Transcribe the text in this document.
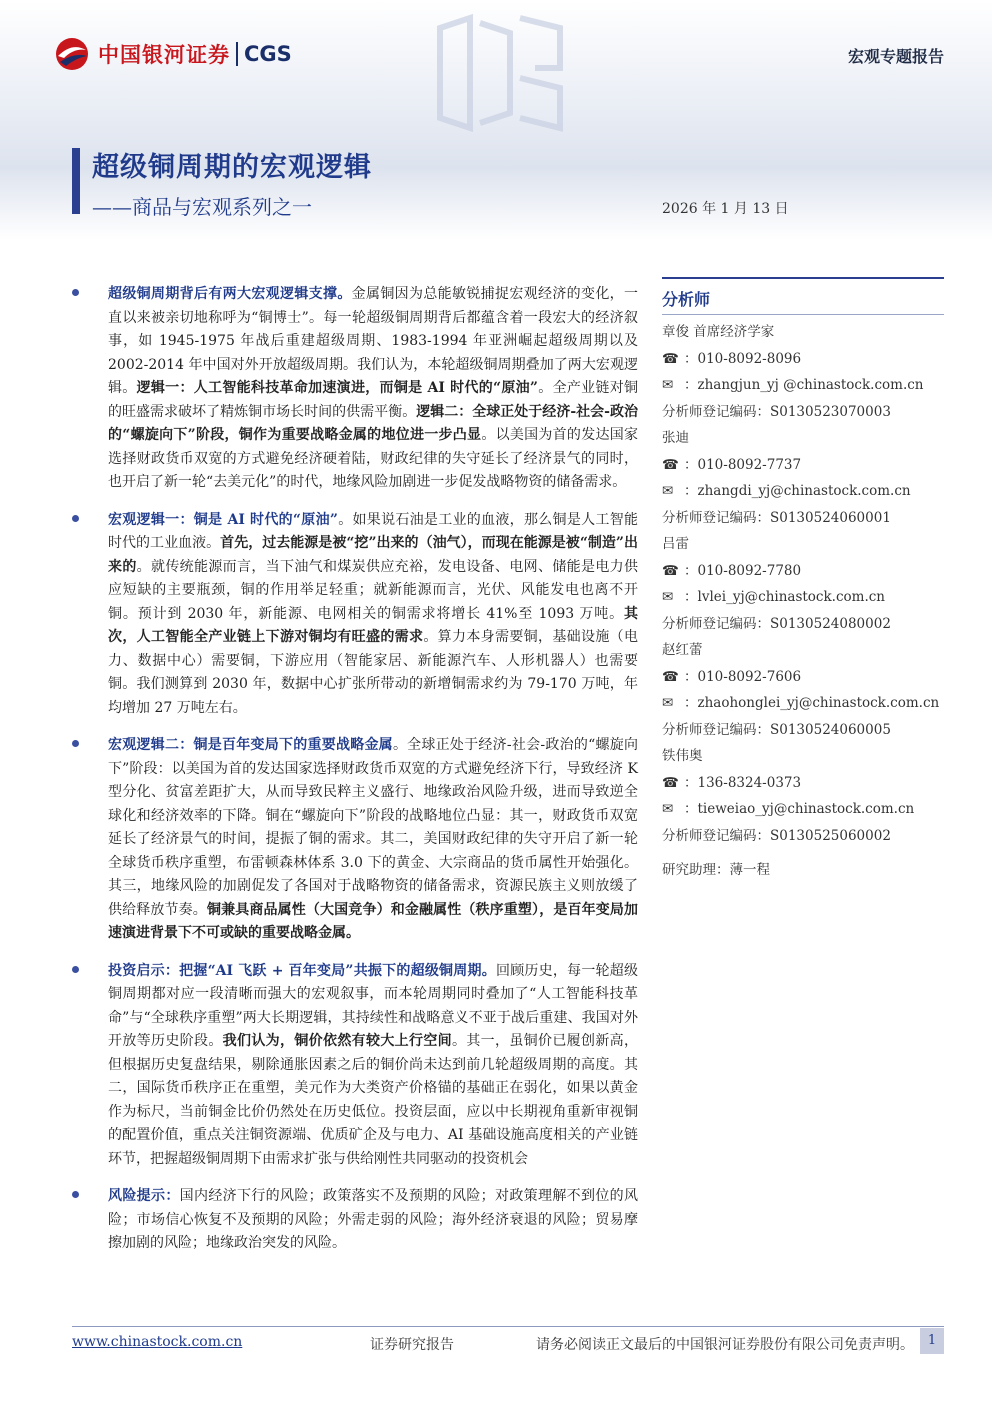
中国银河证券 CGS	宏观专题报告
超级铜周期的宏观逻辑
——商品与宏观系列之一	2026 年 1 月 13 日
超级铜周期背后有两大宏观逻辑支撑。金属铜因为总能敏锐捕捉宏观经济的变化，一直以来被亲切地称呼为“铜博士”。每一轮超级铜周期背后都蕴含着一段宏大的经济叙事，如 1945-1975 年战后重建超级周期、1983-1994 年亚洲崛起超级周期以及 2002-2014 年中国对外开放超级周期。我们认为，本轮超级铜周期叠加了两大宏观逻辑。逻辑一：人工智能科技革命加速演进，而铜是 AI 时代的“原油”。全产业链对铜的旺盛需求破坏了精炼铜市场长时间的供需平衡。逻辑二：全球正处于经济-社会-政治的“螺旋向下”阶段，铜作为重要战略金属的地位进一步凸显。以美国为首的发达国家选择财政货币双宽的方式避免经济硬着陆，财政纪律的失守延长了经济景气的同时，也开启了新一轮“去美元化”的时代，地缘风险加剧进一步促发战略物资的储备需求。
宏观逻辑一：铜是 AI 时代的“原油”。如果说石油是工业的血液，那么铜是人工智能时代的工业血液。首先，过去能源是被“挖”出来的（油气），而现在能源是被“制造”出来的。就传统能源而言，当下油气和煤炭供应充裕，发电设备、电网、储能是电力供应短缺的主要瓶颈，铜的作用举足轻重；就新能源而言，光伏、风能发电也离不开铜。预计到 2030 年，新能源、电网相关的铜需求将增长 41%至 1093 万吨。其次，人工智能全产业链上下游对铜均有旺盛的需求。算力本身需要铜，基础设施（电力、数据中心）需要铜，下游应用（智能家居、新能源汽车、人形机器人）也需要铜。我们测算到 2030 年，数据中心扩张所带动的新增铜需求约为 79-170 万吨，年均增加 27 万吨左右。
宏观逻辑二：铜是百年变局下的重要战略金属。全球正处于经济-社会-政治的“螺旋向下”阶段：以美国为首的发达国家选择财政货币双宽的方式避免经济下行，导致经济 K 型分化、贫富差距扩大，从而导致民粹主义盛行、地缘政治风险升级，进而导致逆全球化和经济效率的下降。铜在“螺旋向下”阶段的战略地位凸显：其一，财政货币双宽延长了经济景气的时间，提振了铜的需求。其二，美国财政纪律的失守开启了新一轮全球货币秩序重塑，布雷顿森林体系 3.0 下的黄金、大宗商品的货币属性开始强化。其三，地缘风险的加剧促发了各国对于战略物资的储备需求，资源民族主义则放缓了供给释放节奏。铜兼具商品属性（大国竞争）和金融属性（秩序重塑），是百年变局加速演进背景下不可或缺的重要战略金属。
投资启示：把握“AI 飞跃 + 百年变局”共振下的超级铜周期。回顾历史，每一轮超级铜周期都对应一段清晰而强大的宏观叙事，而本轮周期同时叠加了“人工智能科技革命”与“全球秩序重塑”两大长期逻辑，其持续性和战略意义不亚于战后重建、我国对外开放等历史阶段。我们认为，铜价依然有较大上行空间。其一，虽铜价已履创新高，但根据历史复盘结果，剔除通胀因素之后的铜价尚未达到前几轮超级周期的高度。其二，国际货币秩序正在重塑，美元作为大类资产价格锚的基础正在弱化，如果以黄金作为标尺，当前铜金比价仍然处在历史低位。投资层面，应以中长期视角重新审视铜的配置价值，重点关注铜资源端、优质矿企及与电力、AI 基础设施高度相关的产业链环节，把握超级铜周期下由需求扩张与供给刚性共同驱动的投资机会
风险提示：国内经济下行的风险；政策落实不及预期的风险；对政策理解不到位的风险；市场信心恢复不及预期的风险；外需走弱的风险；海外经济衰退的风险；贸易摩擦加剧的风险；地缘政治突发的风险。
分析师
章俊 首席经济学家
☎ ：010-8092-8096
✉ ：zhangjun_yj @chinastock.com.cn
分析师登记编码：S0130523070003
张迪
☎ ：010-8092-7737
✉ ：zhangdi_yj@chinastock.com.cn
分析师登记编码：S0130524060001
吕雷
☎ ：010-8092-7780
✉ ：lvlei_yj@chinastock.com.cn
分析师登记编码：S0130524080002
赵红蕾
☎ ：010-8092-7606
✉ ：zhaohonglei_yj@chinastock.com.cn
分析师登记编码：S0130524060005
铁伟奥
☎ ：136-8324-0373
✉ ：tieweiao_yj@chinastock.com.cn
分析师登记编码：S0130525060002
研究助理：薄一程
www.chinastock.com.cn	证券研究报告	请务必阅读正文最后的中国银河证券股份有限公司免责声明。	1
